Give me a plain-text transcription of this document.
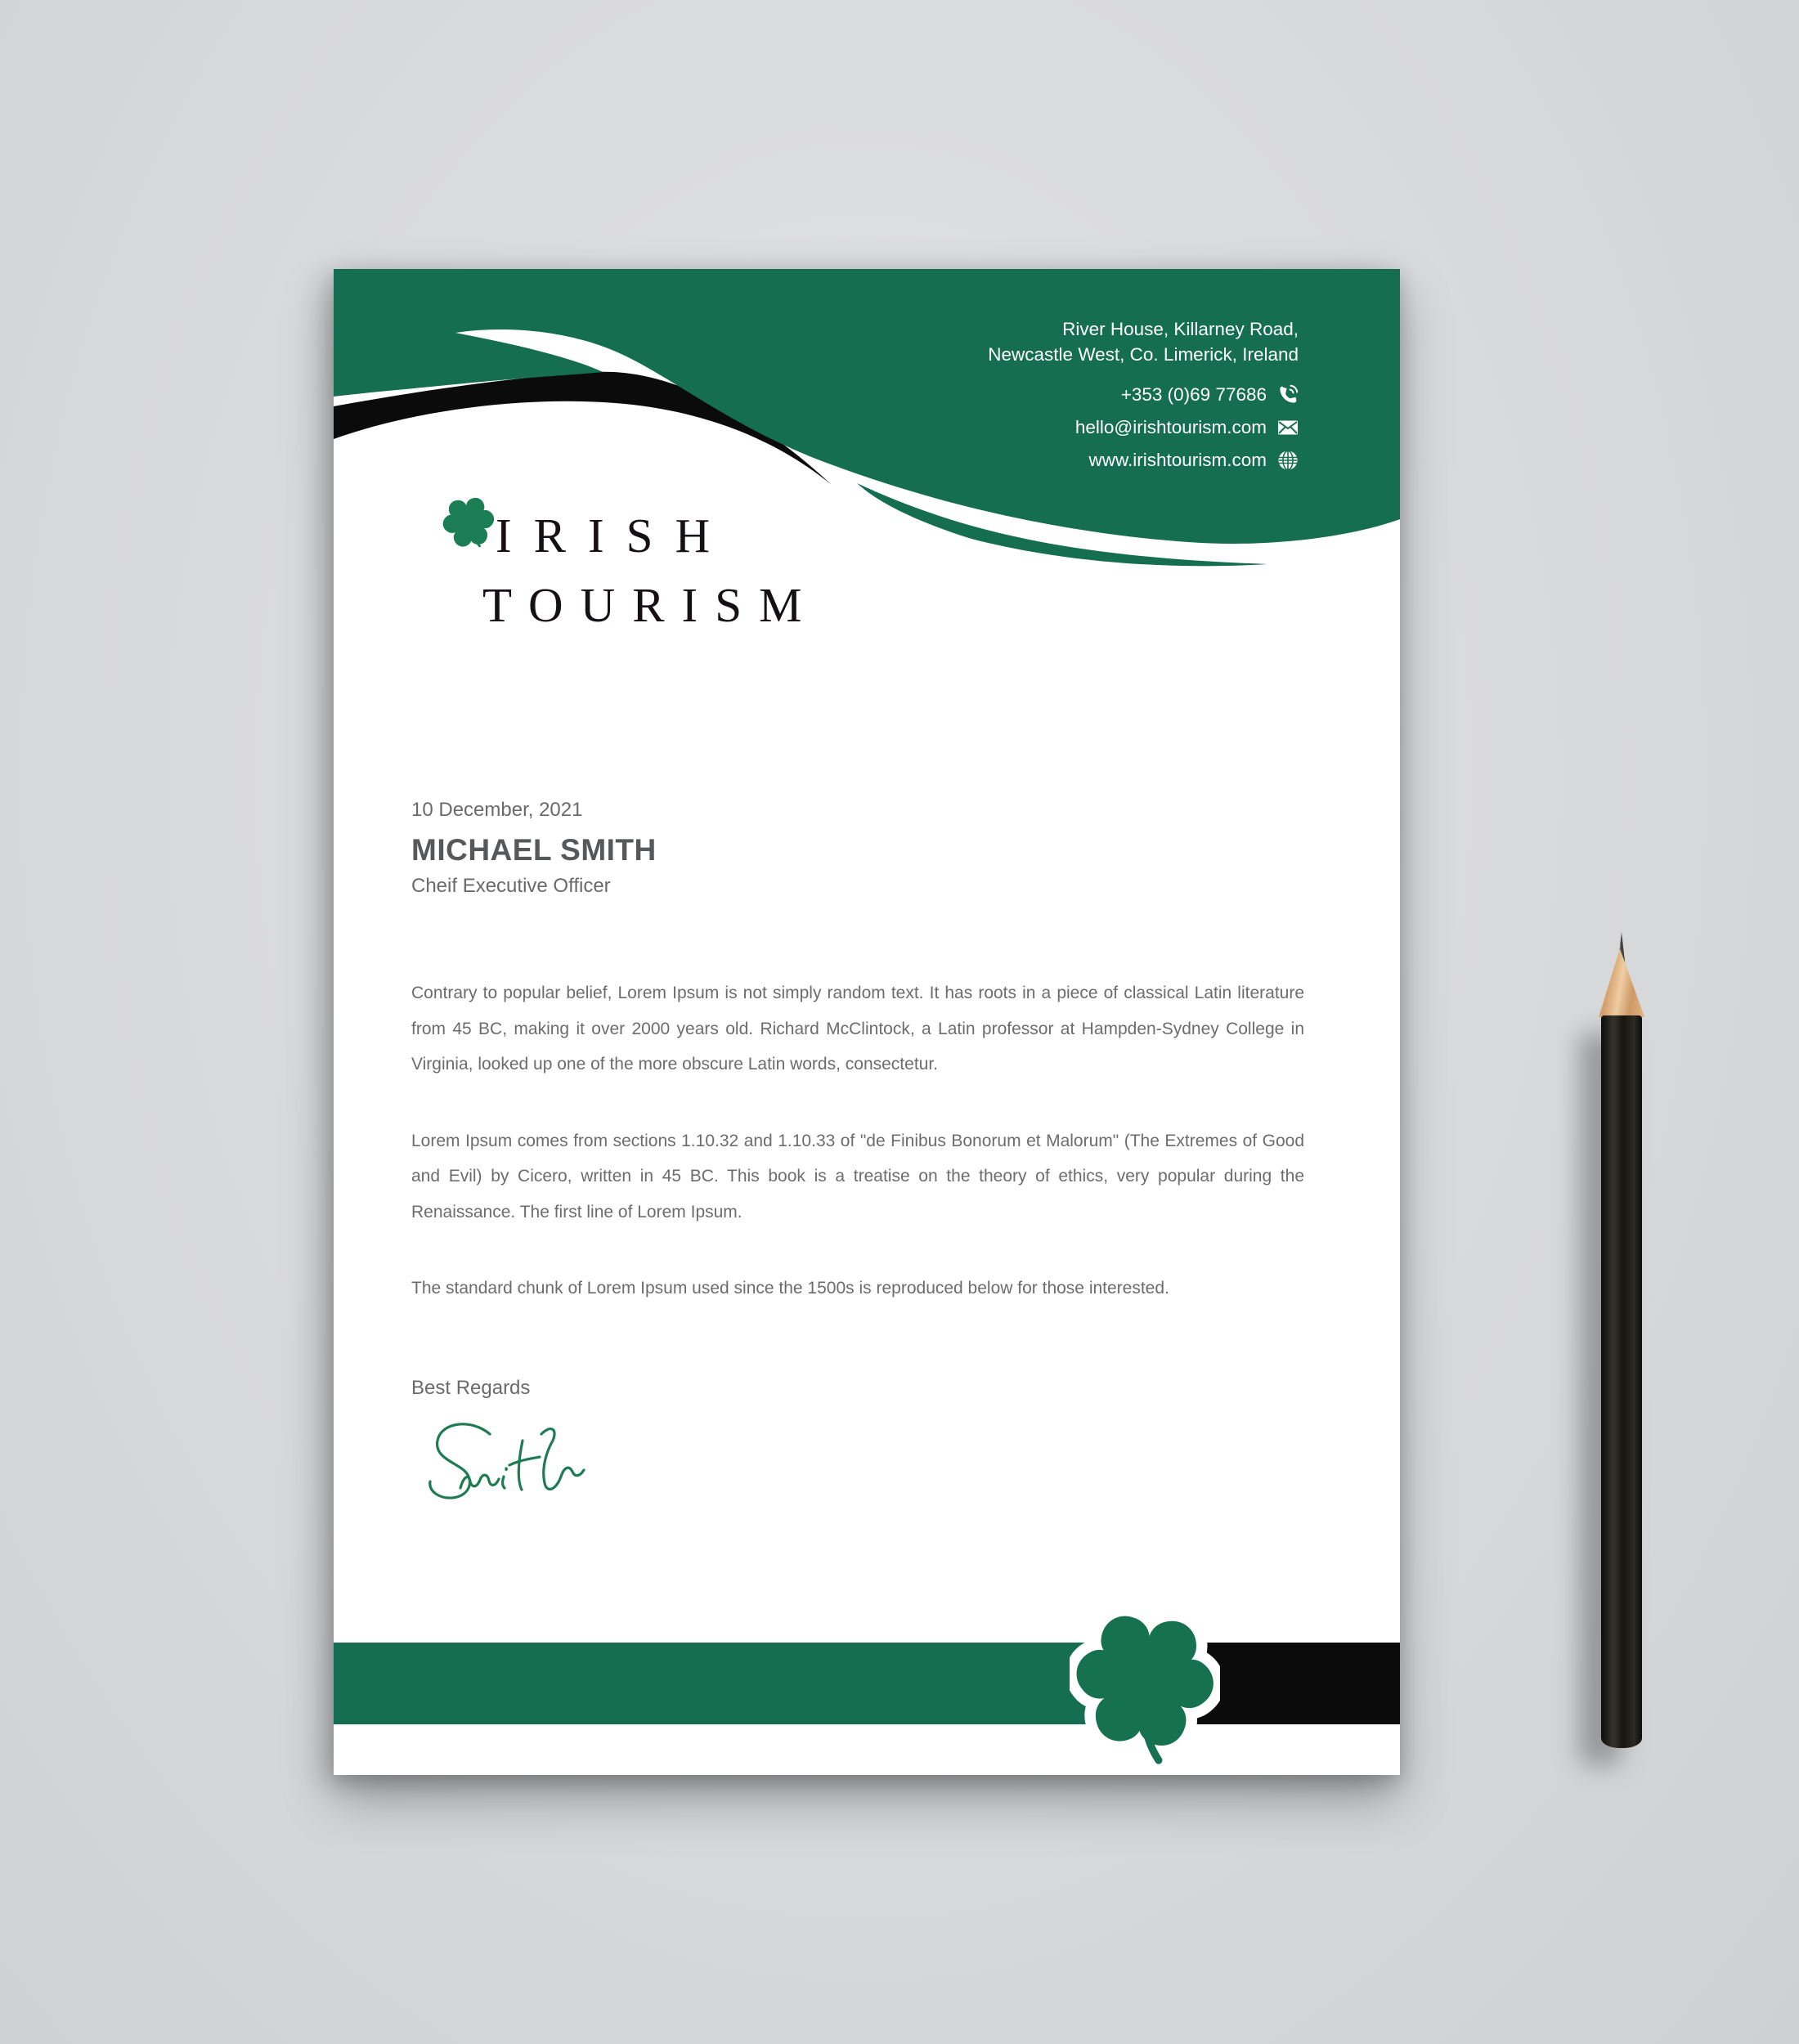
River House, Killarney Road,
Newcastle West, Co. Limerick, Ireland
+353 (0)69 77686
hello@irishtourism.com
www.irishtourism.com
IRISH
TOURISM
10 December, 2021
MICHAEL SMITH
Cheif Executive Officer

Contrary to popular belief, Lorem Ipsum is not simply random text. It has roots in a piece of classical Latin literature from 45 BC, making it over 2000 years old. Richard McClintock, a Latin professor at Hampden-Sydney College in Virginia, looked up one of the more obscure Latin words, consectetur.

Lorem Ipsum comes from sections 1.10.32 and 1.10.33 of "de Finibus Bonorum et Malorum" (The Extremes of Good and Evil) by Cicero, written in 45 BC. This book is a treatise on the theory of ethics, very popular during the Renaissance. The first line of Lorem Ipsum.

The standard chunk of Lorem Ipsum used since the 1500s is reproduced below for those interested.

Best Regards
